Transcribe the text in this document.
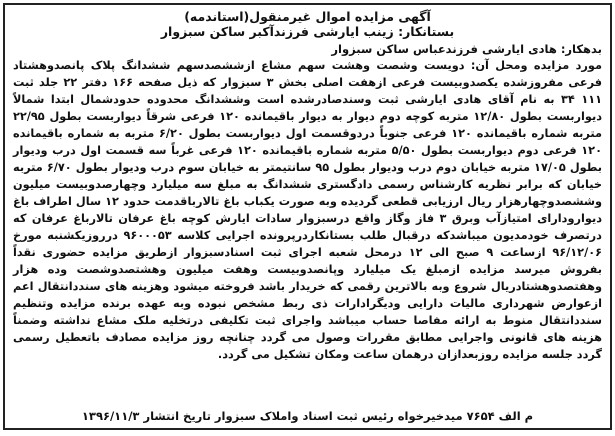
آگهی مزایده اموال غیرمنقول(استاندمه)
بستانکار: زینب ایارشی فرزندآکبر ساکن سبزوار
بدهکار: هادی ایارشی فرزندعباس ساکن سبزوار

مورد مزایده ومحل آن: دویست وشصت وهشت سهم مشاع ازششصدسهم ششدانگ پلاک پانصدوهشتاد فرعی مفروزشده یکصدوبیست فرعی ازهفت اصلی بخش ۳ سبزوار که ذیل صفحه ۱۶۶ دفتر ۲۲ جلد ثبت ۱۱۱ ۳۴ به نام آقای هادی ایارشی ثبت وسندصادرشده است وششدانگ محدوده حدودشمال ابتدا شمالاً دیواربست بطول ۱۲/۸۰ متربه کوچه دوم دیوار به دیوار باقیمانده ۱۲۰ فرعی شرقاً دیواربست بطول ۲۲/۹۵ متربه شماره باقیمانده ۱۲۰ فرعی جنوباً دردوقسمت اول دیواربست بطول ۶/۲۰ متربه به شماره باقیمانده ۱۲۰ فرعی دوم دیواربست بطول ۵/۵۰ متربه شماره باقیمانده ۱۲۰ فرعی غرباً سه قسمت اول درب ودیوار بطول ۱۷/۰۵ متربه خیابان دوم درب ودیوار بطول ۹۵ سانتیمتر به خیابان سوم درب ودیوار بطول ۶/۷۰ متربه خیابان که برابر نظریه کارشناس رسمی دادگستری ششدانگ به مبلغ سه میلیارد وچهارصدوبیست میلیون وششصدوچهارهزار ریال ارزیابی قطعی گردیده وبه صورت یکباب باغ تالارباقدمت حدود ۱۲ سال اطراف باغ دیوارودارای امتیازآب وبرق ۳ فاز وگاز واقع درسبزوار سادات ایارش کوچه باغ عرفان تالارباغ عرفان که درتصرف خودمدیون میباشدکه درقبال طلب بستانکاردرپرونده اجرایی کلاسه ۹۶۰۰۰۵۳ درروزیکشنبه مورخ ۹۶/۱۲/۰۶ ازساعت ۹ صبح الی ۱۲ درمحل شعبه اجرای ثبت اسنادسبزوار ازطریق مزایده حضوری نقداً بفروش میرسد مزایده ازمبلغ یک میلیارد وپانصدوبیست وهفت میلیون وهشتصدوشصت وده هزار وهفتصدوهشتادریال شروع وبه بالاترین رقمی که خریدار باشد فروخته میشود وهزینه های سنددانتقال اعم ازعوارض شهرداری مالیات دارایی ودیگرادارات ذی ربط مشخص نبوده وبه عهده برنده مزایده وتنظیم سنددانتقال منوط به ارائه مفاصا حساب میباشد واجرای ثبت تکلیفی درتخلیه ملک مشاع نداشته وضمناً هزینه های قانونی واجرایی مطابق مقررات وصول می گردد چنانچه روز مزایده مصادف باتعطیل رسمی گردد جلسه مزایده روزبعدازان درهمان ساعت ومکان تشکیل می گردد.

م الف ۷۶۵۴ میدخیرخواه رئیس ثبت اسناد واملاک سبزوار تاریخ انتشار ۱۳۹۶/۱۱/۳
